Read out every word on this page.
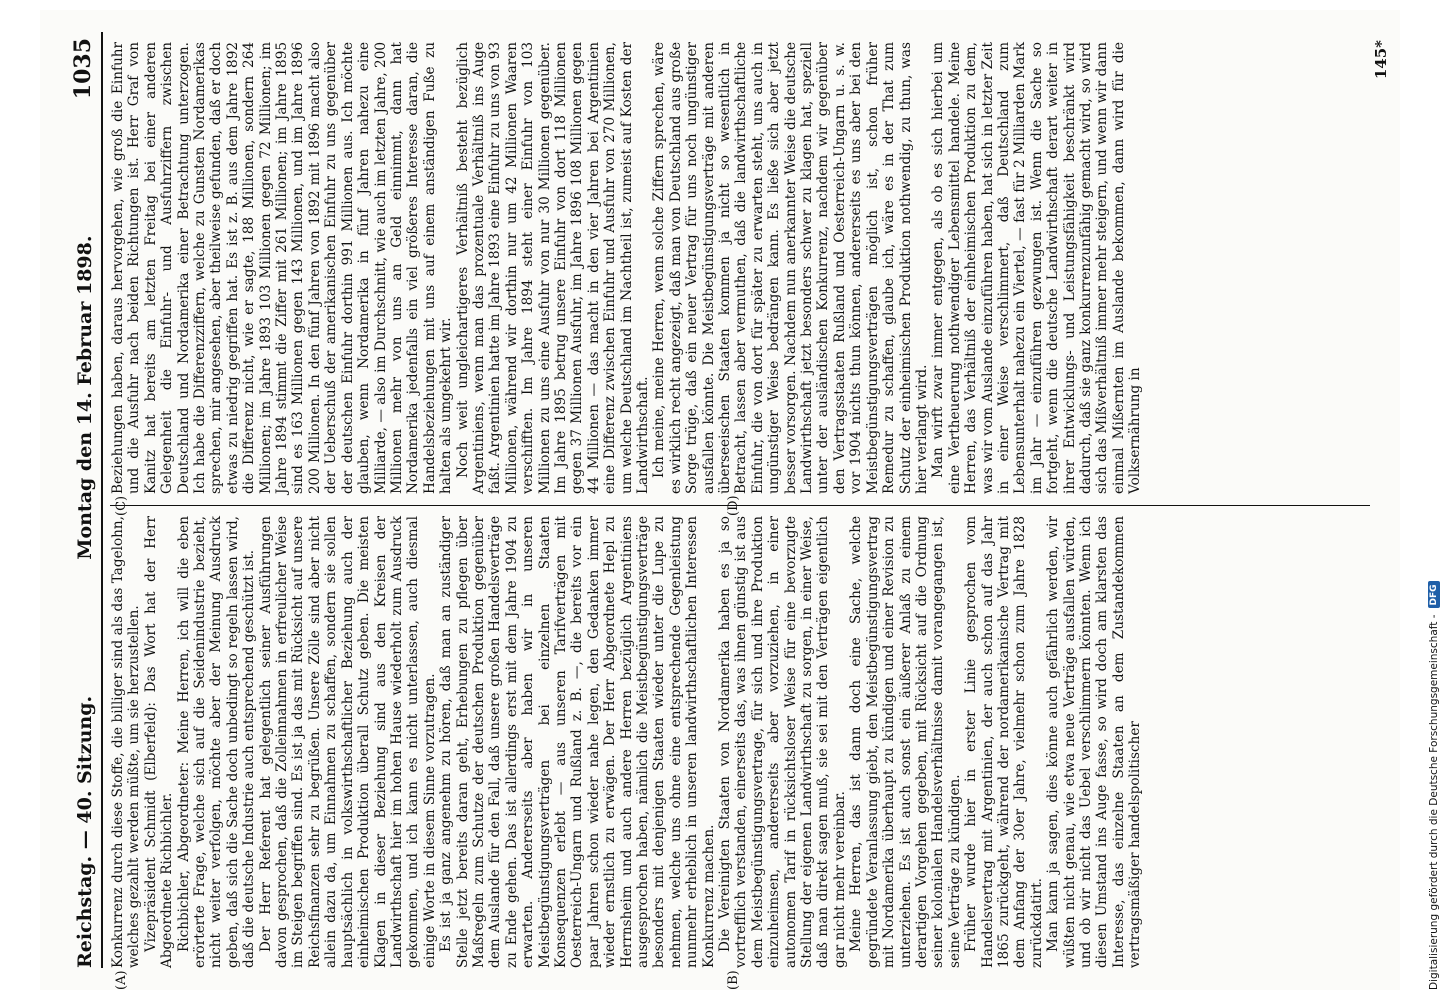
Reichstag. — 40. Sitzung.
Montag den 14. Februar 1898.
1035
(A)	(B)
(C)	(D)

Konkurrenz durch diese Stoffe, die billiger sind als das Tagelohn, welches gezahlt werden müßte, um sie herzustellen. Vizepräsident Schmidt (Elberfeld): Das Wort hat der Herr Abgeordnete Richbichler. Richbichler, Abgeordneter: Meine Herren, ich will die eben erörterte Frage, welche sich auf die Seidenindustrie bezieht, nicht weiter verfolgen, möchte aber der Meinung Ausdruck geben, daß sich die Sache doch unbedingt so regeln lassen wird, daß die deutsche Industrie auch entsprechend geschützt ist. Der Herr Referent hat gelegentlich seiner Ausführungen davon gesprochen, daß die Zolleinnahmen in erfreulicher Weise im Steigen begriffen sind. Es ist ja das mit Rücksicht auf unsere Reichsfinanzen sehr zu begrüßen. Unsere Zölle sind aber nicht allein dazu da, um Einnahmen zu schaffen, sondern sie sollen hauptsächlich in volkswirthschaftlicher Beziehung auch der einheimischen Produktion überall Schutz geben. Die meisten Klagen in dieser Beziehung sind aus den Kreisen der Landwirthschaft hier im hohen Hause wiederholt zum Ausdruck gekommen, und ich kann es nicht unterlassen, auch diesmal einige Worte in diesem Sinne vorzutragen. Es ist ja ganz angenehm zu hören, daß man an zuständiger Stelle jetzt bereits daran geht, Erhebungen zu pflegen über Maßregeln zum Schutze der deutschen Produktion gegenüber dem Auslande für den Fall, daß unsere großen Handelsverträge zu Ende gehen. Das ist allerdings erst mit dem Jahre 1904 zu erwarten. Andererseits aber haben wir in unseren Meistbegünstigungsverträgen bei einzelnen Staaten Konsequenzen erlebt — aus unseren Tarifverträgen mit Oesterreich-Ungarn und Rußland z. B. —, die bereits vor ein paar Jahren schon wieder nahe legen, den Gedanken immer wieder ernstlich zu erwägen. Der Herr Abgeordnete Hepl zu Herrnsheim und auch andere Herren bezüglich Argentiniens ausgesprochen haben, nämlich die Meistbegünstigungsverträge besonders mit denjenigen Staaten wieder unter die Lupe zu nehmen, welche uns ohne eine entsprechende Gegenleistung nunmehr erheblich in unseren landwirthschaftlichen Interessen Konkurrenz machen. Die Vereinigten Staaten von Nordamerika haben es ja so vortrefflich verstanden, einerseits das, was ihnen günstig ist aus dem Meistbegünstigungsvertrage, für sich und ihre Produktion einzuheimsen, andererseits aber vorzuziehen, in einer autonomen Tarif in rücksichtsloser Weise für eine bevorzugte Stellung der eigenen Landwirthschaft zu sorgen, in einer Weise, daß man direkt sagen muß, sie sei mit den Verträgen eigentlich gar nicht mehr vereinbar. Meine Herren, das ist dann doch eine Sache, welche gegründete Veranlassung giebt, den Meistbegünstigungsvertrag mit Nordamerika überhaupt zu kündigen und einer Revision zu unterziehen. Es ist auch sonst ein äußerer Anlaß zu einem derartigen Vorgehen gegeben, mit Rücksicht auf die Ordnung seiner kolonialen Handelsverhältnisse damit vorangegangen ist, seine Verträge zu kündigen. Früher wurde hier in erster Linie gesprochen vom Handelsvertrag mit Argentinien, der auch schon auf das Jahr 1865 zurückgeht, während der nordamerikanische Vertrag mit dem Anfang der 30er Jahre, vielmehr schon zum Jahre 1828 zurückdatirt. Man kann ja sagen, dies könne auch gefährlich werden, wir wüßten nicht genau, wie etwa neue Verträge ausfallen würden, und ob wir nicht das Uebel verschlimmern könnten. Wenn ich diesen Umstand ins Auge fasse, so wird doch am klarsten das Interesse, das einzelne Staaten an dem Zustandekommen vertragsmäßiger handelspolitischer

Beziehungen haben, daraus hervorgehen, wie groß die Einfuhr und die Ausfuhr nach beiden Richtungen ist. Herr Graf von Kanitz hat bereits am letzten Freitag bei einer anderen Gelegenheit die Einfuhr- und Ausfuhrziffern zwischen Deutschland und Nordamerika einer Betrachtung unterzogen. Ich habe die Differenzziffern, welche zu Gunsten Nordamerikas sprechen, mir angesehen, aber theilweise gefunden, daß er doch etwas zu niedrig gegriffen hat. Es ist z. B. aus dem Jahre 1892 die Differenz nicht, wie er sagte, 188 Millionen, sondern 264 Millionen; im Jahre 1893 103 Millionen gegen 72 Millionen; im Jahre 1894 stimmt die Ziffer mit 261 Millionen; im Jahre 1895 sind es 163 Millionen gegen 143 Millionen, und im Jahre 1896 200 Millionen. In den fünf Jahren von 1892 mit 1896 macht also der Ueberschuß der amerikanischen Einfuhr zu uns gegenüber der deutschen Einfuhr dorthin 991 Millionen aus. Ich möchte glauben, wenn Nordamerika in fünf Jahren nahezu eine Milliarde, — also im Durchschnitt, wie auch im letzten Jahre, 200 Millionen mehr von uns an Geld einnimmt, dann hat Nordamerika jedenfalls ein viel größeres Interesse daran, die Handelsbeziehungen mit uns auf einem anständigen Fuße zu halten als umgekehrt wir. Noch weit ungleichartigeres Verhältniß besteht bezüglich Argentiniens, wenn man das prozentuale Verhältniß ins Auge faßt. Argentinien hatte im Jahre 1893 eine Einfuhr zu uns von 93 Millionen, während wir dorthin nur um 42 Millionen Waaren verschifften. Im Jahre 1894 steht einer Einfuhr von 103 Millionen zu uns eine Ausfuhr von nur 30 Millionen gegenüber. Im Jahre 1895 betrug unsere Einfuhr von dort 118 Millionen gegen 37 Millionen Ausfuhr, im Jahre 1896 108 Millionen gegen 44 Millionen — das macht in den vier Jahren bei Argentinien eine Differenz zwischen Einfuhr und Ausfuhr von 270 Millionen, um welche Deutschland im Nachtheil ist, zumeist auf Kosten der Landwirthschaft. Ich meine, meine Herren, wenn solche Ziffern sprechen, wäre es wirklich recht angezeigt, daß man von Deutschland aus große Sorge trüge, daß ein neuer Vertrag für uns noch ungünstiger ausfallen könnte. Die Meistbegünstigungsverträge mit anderen überseeischen Staaten kommen ja nicht so wesentlich in Betracht, lassen aber vermuthen, daß die landwirthschaftliche Einfuhr, die von dort für später zu erwarten steht, uns auch in ungünstiger Weise bedrängen kann. Es ließe sich aber jetzt besser vorsorgen. Nachdem nun anerkannter Weise die deutsche Landwirthschaft jetzt besonders schwer zu klagen hat, speziell unter der ausländischen Konkurrenz, nachdem wir gegenüber den Vertragsstaaten Rußland und Oesterreich-Ungarn u. s. w. vor 1904 nichts thun können, andererseits es uns aber bei den Meistbegünstigungsverträgen möglich ist, schon früher Remedur zu schaffen, glaube ich, wäre es in der That zum Schutz der einheimischen Produktion nothwendig, zu thun, was hier verlangt wird. Man wirft zwar immer entgegen, als ob es sich hierbei um eine Vertheuerung nothwendiger Lebensmittel handele. Meine Herren, das Verhältniß der einheimischen Produktion zu dem, was wir vom Auslande einzuführen haben, hat sich in letzter Zeit in einer Weise verschlimmert, daß Deutschland zum Lebensunterhalt nahezu ein Viertel, — fast für 2 Milliarden Mark im Jahr — einzuführen gezwungen ist. Wenn die Sache so fortgeht, wenn die deutsche Landwirthschaft derart weiter in ihrer Entwicklungs- und Leistungsfähigkeit beschränkt wird dadurch, daß sie ganz konkurrenzunfähig gemacht wird, so wird sich das Mißverhältniß immer mehr steigern, und wenn wir dann einmal Mißernten im Auslande bekommen, dann wird für die Volksernährung in

145*
Digitalisierung gefördert durch die Deutsche Forschungsgemeinschaft -
DFG
